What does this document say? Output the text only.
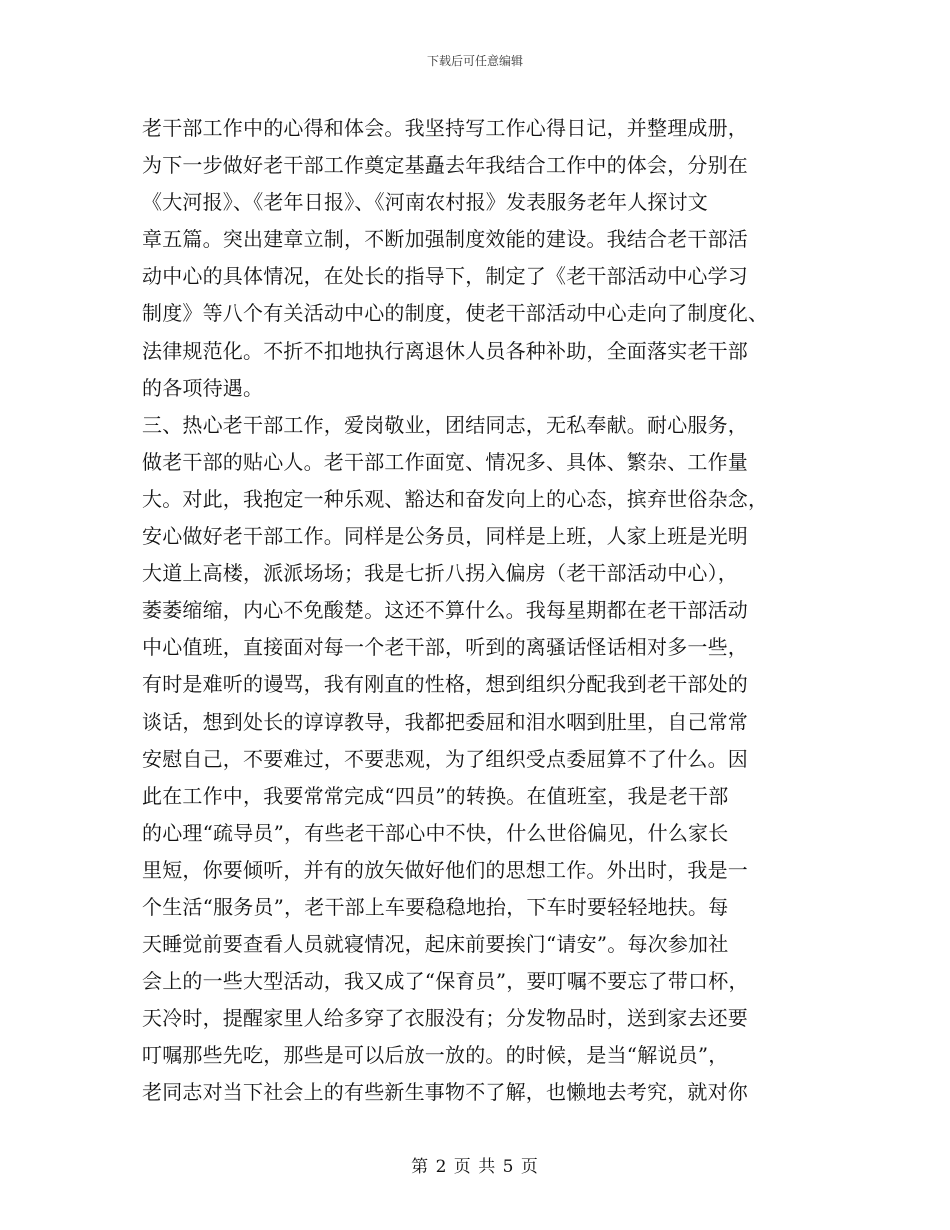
下载后可任意编辑
老干部工作中的心得和体会。我坚持写工作心得日记，并整理成册，
为下一步做好老干部工作奠定基矗去年我结合工作中的体会，分别在
《大河报》、《老年日报》、《河南农村报》发表服务老年人探讨文
章五篇。突出建章立制，不断加强制度效能的建设。我结合老干部活
动中心的具体情况，在处长的指导下，制定了《老干部活动中心学习
制度》等八个有关活动中心的制度，使老干部活动中心走向了制度化、
法律规范化。不折不扣地执行离退休人员各种补助，全面落实老干部
的各项待遇。
三、热心老干部工作，爱岗敬业，团结同志，无私奉献。耐心服务，
做老干部的贴心人。老干部工作面宽、情况多、具体、繁杂、工作量
大。对此，我抱定一种乐观、豁达和奋发向上的心态，摈弃世俗杂念，
安心做好老干部工作。同样是公务员，同样是上班，人家上班是光明
大道上高楼，派派场场；我是七折八拐入偏房（老干部活动中心），
萎萎缩缩，内心不免酸楚。这还不算什么。我每星期都在老干部活动
中心值班，直接面对每一个老干部，听到的离骚话怪话相对多一些，
有时是难听的谩骂，我有刚直的性格，想到组织分配我到老干部处的
谈话，想到处长的谆谆教导，我都把委屈和泪水咽到肚里，自己常常
安慰自己，不要难过，不要悲观，为了组织受点委屈算不了什么。因
此在工作中，我要常常完成“四员”的转换。在值班室，我是老干部
的心理“疏导员”，有些老干部心中不快，什么世俗偏见，什么家长
里短，你要倾听，并有的放矢做好他们的思想工作。外出时，我是一
个生活“服务员”，老干部上车要稳稳地抬，下车时要轻轻地扶。每
天睡觉前要查看人员就寝情况，起床前要挨门“请安”。每次参加社
会上的一些大型活动，我又成了“保育员”，要叮嘱不要忘了带口杯，
天冷时，提醒家里人给多穿了衣服没有；分发物品时，送到家去还要
叮嘱那些先吃，那些是可以后放一放的。的时候，是当“解说员”，
老同志对当下社会上的有些新生事物不了解，也懒地去考究，就对你
第 2 页 共 5 页
